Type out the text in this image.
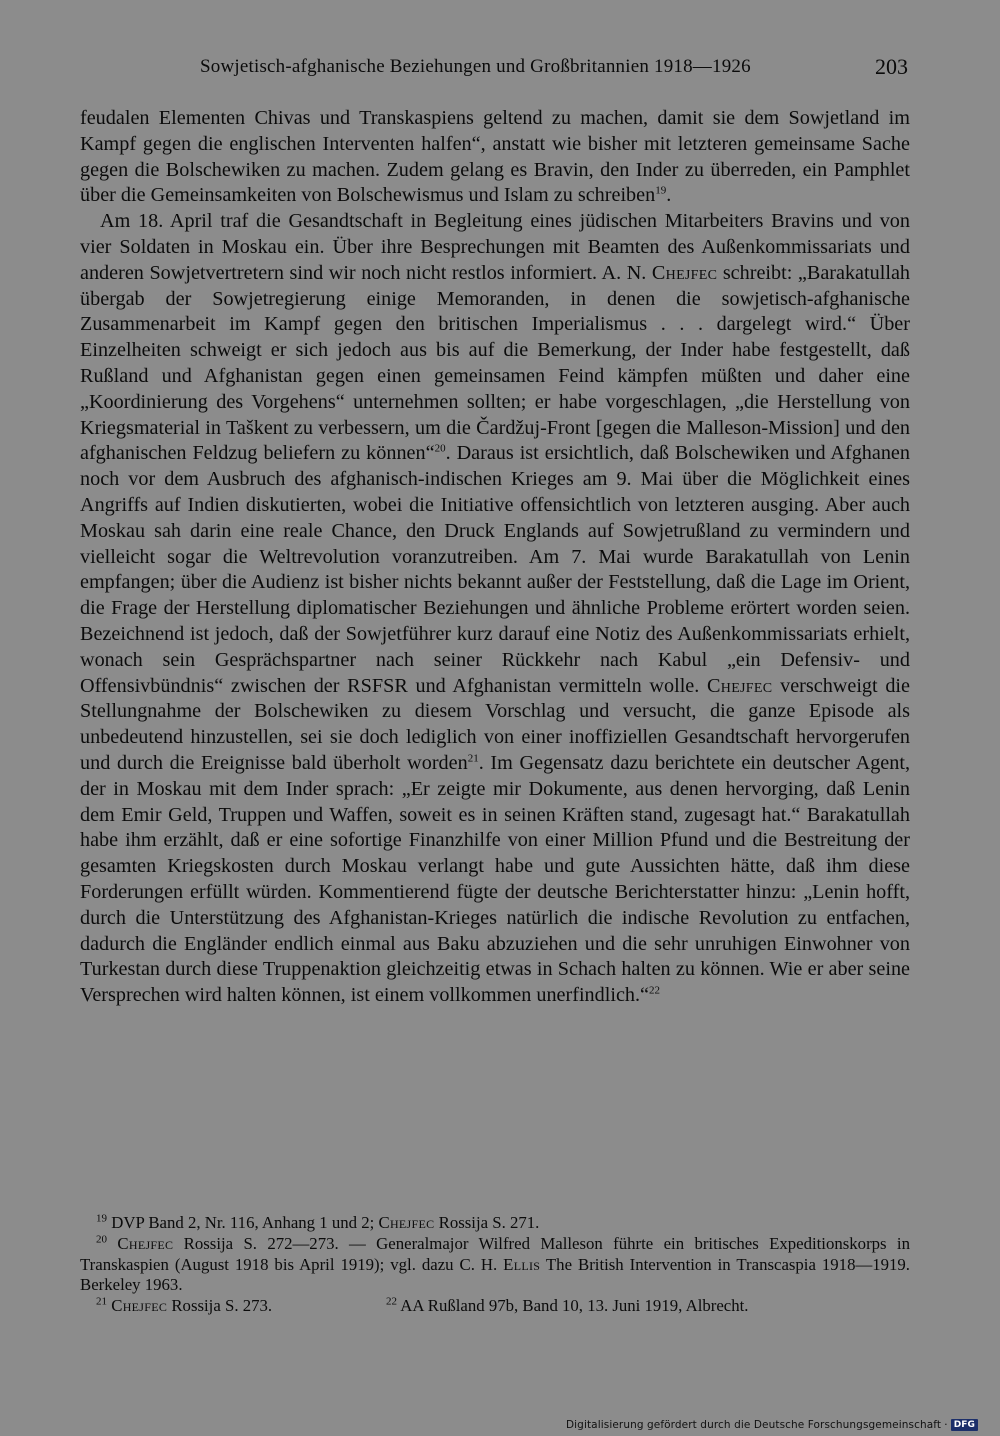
Sowjetisch-afghanische Beziehungen und Großbritannien 1918—1926	203

feudalen Elementen Chivas und Transkaspiens geltend zu machen, damit sie dem Sowjetland im Kampf gegen die englischen Interventen halfen“, anstatt wie bisher mit letzteren gemeinsame Sache gegen die Bolschewiken zu machen. Zudem gelang es Bravin, den Inder zu überreden, ein Pamphlet über die Gemeinsamkeiten von Bolschewismus und Islam zu schreiben$^{19}$.

Am 18. April traf die Gesandtschaft in Begleitung eines jüdischen Mitarbeiters Bravins und von vier Soldaten in Moskau ein. Über ihre Besprechungen mit Beamten des Außenkommissariats und anderen Sowjetvertretern sind wir noch nicht restlos informiert. A. N. Chejfec schreibt: „Barakatullah übergab der Sowjetregierung einige Memoranden, in denen die sowjetisch-afghanische Zusammenarbeit im Kampf gegen den britischen Imperialismus . . . dargelegt wird.“ Über Einzelheiten schweigt er sich jedoch aus bis auf die Bemerkung, der Inder habe festgestellt, daß Rußland und Afghanistan gegen einen gemeinsamen Feind kämpfen müßten und daher eine „Koordinierung des Vorgehens“ unternehmen sollten; er habe vorgeschlagen, „die Herstellung von Kriegsmaterial in Taškent zu verbessern, um die Čardžuj-Front [gegen die Malleson-Mission] und den afghanischen Feldzug beliefern zu können“$^{20}$. Daraus ist ersichtlich, daß Bolschewiken und Afghanen noch vor dem Ausbruch des afghanisch-indischen Krieges am 9. Mai über die Möglichkeit eines Angriffs auf Indien diskutierten, wobei die Initiative offensichtlich von letzteren ausging. Aber auch Moskau sah darin eine reale Chance, den Druck Englands auf Sowjetrußland zu vermindern und vielleicht sogar die Weltrevolution voranzutreiben. Am 7. Mai wurde Barakatullah von Lenin empfangen; über die Audienz ist bisher nichts bekannt außer der Feststellung, daß die Lage im Orient, die Frage der Herstellung diplomatischer Beziehungen und ähnliche Probleme erörtert worden seien. Bezeichnend ist jedoch, daß der Sowjetführer kurz darauf eine Notiz des Außenkommissariats erhielt, wonach sein Gesprächspartner nach seiner Rückkehr nach Kabul „ein Defensiv- und Offensivbündnis“ zwischen der RSFSR und Afghanistan vermitteln wolle. Chejfec verschweigt die Stellungnahme der Bolschewiken zu diesem Vorschlag und versucht, die ganze Episode als unbedeutend hinzustellen, sei sie doch lediglich von einer inoffiziellen Gesandtschaft hervorgerufen und durch die Ereignisse bald überholt worden$^{21}$. Im Gegensatz dazu berichtete ein deutscher Agent, der in Moskau mit dem Inder sprach: „Er zeigte mir Dokumente, aus denen hervorging, daß Lenin dem Emir Geld, Truppen und Waffen, soweit es in seinen Kräften stand, zugesagt hat.“ Barakatullah habe ihm erzählt, daß er eine sofortige Finanzhilfe von einer Million Pfund und die Bestreitung der gesamten Kriegskosten durch Moskau verlangt habe und gute Aussichten hätte, daß ihm diese Forderungen erfüllt würden. Kommentierend fügte der deutsche Berichterstatter hinzu: „Lenin hofft, durch die Unterstützung des Afghanistan-Krieges natürlich die indische Revolution zu entfachen, dadurch die Engländer endlich einmal aus Baku abzuziehen und die sehr unruhigen Einwohner von Turkestan durch diese Truppenaktion gleichzeitig etwas in Schach halten zu können. Wie er aber seine Versprechen wird halten können, ist einem vollkommen unerfindlich.“$^{22}$

$^{19}$ DVP Band 2, Nr. 116, Anhang 1 und 2; Chejfec Rossija S. 271.

$^{20}$ Chejfec Rossija S. 272—273. — Generalmajor Wilfred Malleson führte ein britisches Expeditionskorps in Transkaspien (August 1918 bis April 1919); vgl. dazu C. H. Ellis The British Intervention in Transcaspia 1918—1919. Berkeley 1963.

$^{21}$ Chejfec Rossija S. 273.	$^{22}$ AA Rußland 97b, Band 10, 13. Juni 1919, Albrecht.
Digitalisierung gefördert durch die Deutsche Forschungsgemeinschaft · DFG
